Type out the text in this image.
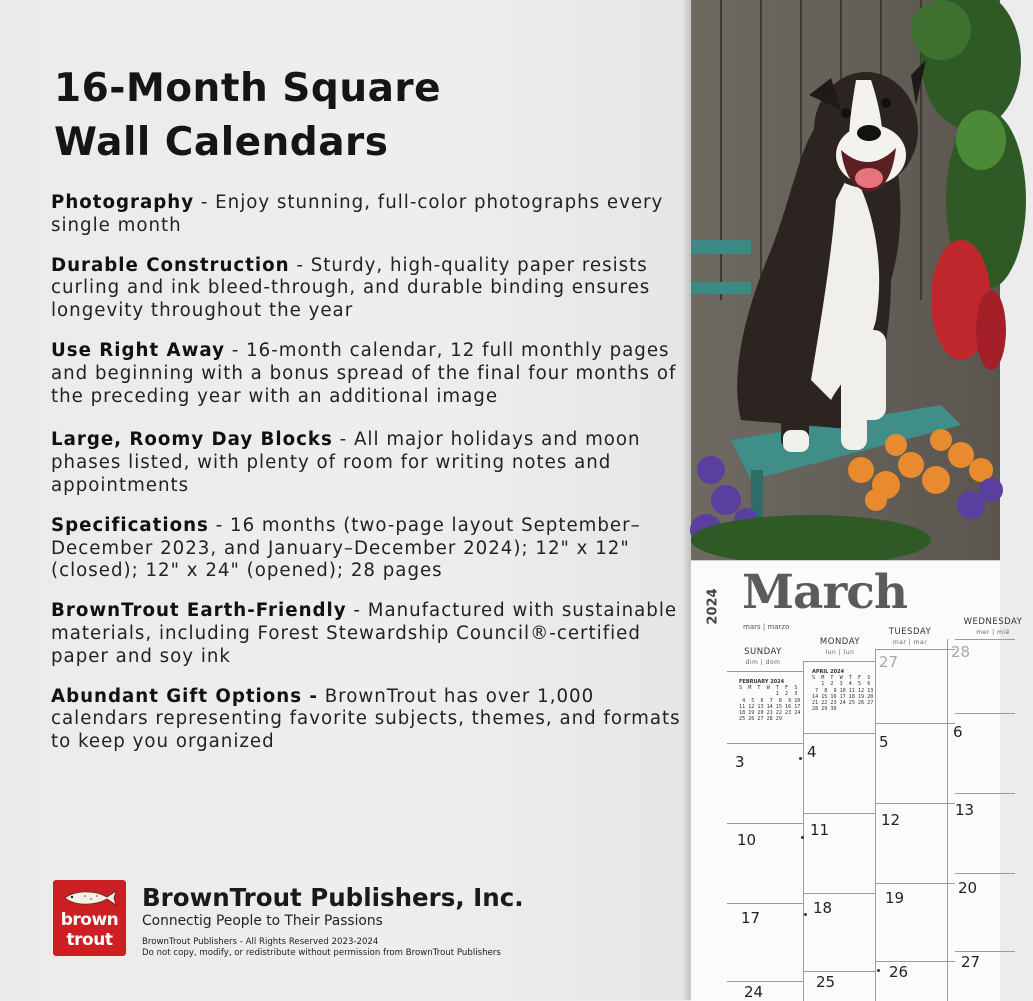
16-Month Square
Wall Calendars

Photography - Enjoy stunning, full-color photographs every single month

Durable Construction - Sturdy, high-quality paper resists curling and ink bleed-through, and durable binding ensures longevity throughout the year

Use Right Away - 16-month calendar, 12 full monthly pages and beginning with a bonus spread of the final four months of the preceding year with an additional image

Large, Roomy Day Blocks - All major holidays and moon phases listed, with plenty of room for writing notes and appointments

Specifications - 16 months (two-page layout September–December 2023, and January–December 2024); 12" x 12" (closed); 12" x 24" (opened); 28 pages

BrownTrout Earth-Friendly - Manufactured with sustainable materials, including Forest Stewardship Council®-certified paper and soy ink

Abundant Gift Options - BrownTrout has over 1,000 calendars representing favorite subjects, themes, and formats to keep you organized

brown
trout
BrownTrout Publishers, Inc.
Connectig People to Their Passions
BrownTrout Publishers - All Rights Reserved 2023-2024
Do not copy, modify, or redistribute without permission from BrownTrout Publishers
2024 March
mars | marzo
SUNDAY
dim | dom
MONDAY
lun | lun
TUESDAY
mar | mar
WEDNESDAY
mer | mié
FEBRUARY 2024
S  M  T  W  T  F  S
1  2  3
4  5  6  7  8  9 10
11 12 13 14 15 16 17
18 19 20 21 22 23 24
25 26 27 28 29
APRIL 2024
S  M  T  W  T  F  S
1  2  3  4  5  6
7  8  9 10 11 12 13
14 15 16 17 18 19 20
21 22 23 24 25 26 27
28 29 30
27
28
3
4
5
6
10
11
12
13
17
18
19
20
24
25
26
27
